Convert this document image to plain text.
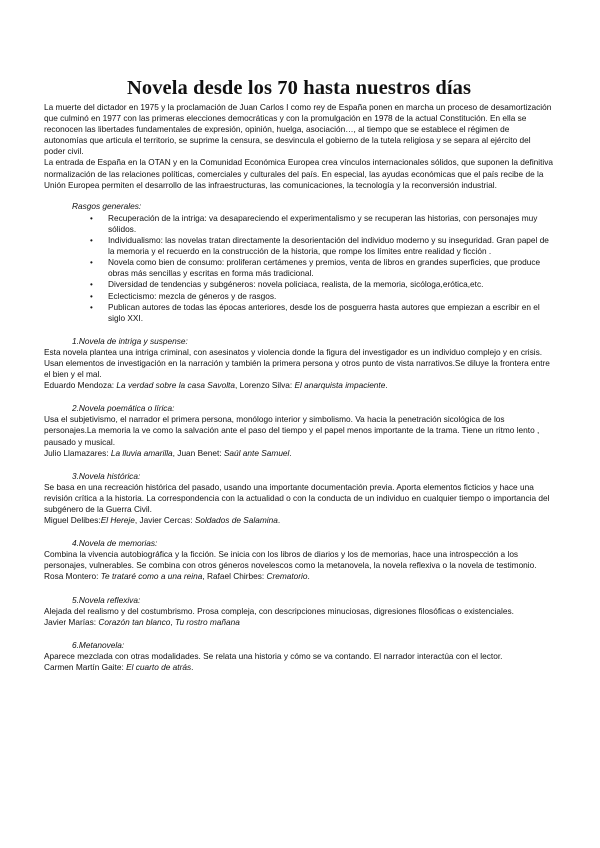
Novela desde los 70 hasta nuestros días

La muerte del dictador en 1975 y la proclamación de Juan Carlos I como rey de España ponen en marcha un proceso de desamortización que culminó en 1977 con las primeras elecciones democráticas y con la promulgación en 1978 de la actual Constitución. En ella se reconocen las libertades fundamentales de expresión, opinión, huelga, asociación…, al tiempo que se establece el régimen de autonomías que articula el territorio, se suprime la censura, se desvincula el gobierno de la tutela religiosa y se separa al ejército del poder civil.

La entrada de España en la OTAN y en la Comunidad Económica Europea crea vínculos internacionales sólidos, que suponen la definitiva normalización de las relaciones políticas, comerciales y culturales del país. En especial, las ayudas económicas que el país recibe de la Unión Europea permiten el desarrollo de las infraestructuras, las comunicaciones, la tecnología y la reconversión industrial.

Rasgos generales:

• Recuperación de la intriga: va desapareciendo el experimentalismo y se recuperan las historias, con personajes muy sólidos.
• Individualismo: las novelas tratan directamente la desorientación del individuo moderno y su inseguridad. Gran papel de la memoria y el recuerdo en la construcción de la historia, que rompe los límites entre realidad y ficción .
• Novela como bien de consumo: proliferan certámenes y premios, venta de libros en grandes superficies, que produce obras más sencillas y escritas en forma más tradicional.
• Diversidad de tendencias y subgéneros: novela policiaca, realista, de la memoria, sicóloga,erótica,etc.
• Eclecticismo: mezcla de géneros y de rasgos.
• Publican autores de todas las épocas anteriores, desde los de posguerra hasta autores que empiezan a escribir en el siglo XXI.

1.Novela de intriga y suspense:

Esta novela plantea una intriga criminal, con asesinatos y violencia donde la figura del investigador es un individuo complejo y en crisis. Usan elementos de investigación en la narración y también la primera persona y otros punto de vista narrativos.Se diluye la frontera entre el bien y el mal.

Eduardo Mendoza: La verdad sobre la casa Savolta, Lorenzo Silva: El anarquista impaciente.

2.Novela poemática o lírica:

Usa el subjetivismo, el narrador el primera persona, monólogo interior y simbolismo. Va hacia la penetración sicológica de los personajes.La memoria la ve como la salvación ante el paso del tiempo y el papel menos importante de la trama. Tiene un ritmo lento , pausado y musical.

Julio Llamazares: La lluvia amarilla, Juan Benet: Saúl ante Samuel.

3.Novela histórica:

Se basa en una recreación histórica del pasado, usando una importante documentación previa. Aporta elementos ficticios y hace una revisión crítica a la historia. La correspondencia con la actualidad o con la conducta de un individuo en cualquier tiempo o importancia del subgénero de la Guerra Civil.

Miguel Delibes:El Hereje, Javier Cercas: Soldados de Salamina.

4.Novela de memorias:

Combina la vivencia autobiográfica y la ficción. Se inicia con los libros de diarios y los de memorias, hace una introspección a los personajes, vulnerables. Se combina con otros géneros novelescos como la metanovela, la novela reflexiva o la novela de testimonio.

Rosa Montero: Te trataré como a una reina, Rafael Chirbes: Crematorio.

5.Novela reflexiva:

Alejada del realismo y del costumbrismo. Prosa compleja, con descripciones minuciosas, digresiones filosóficas o existenciales.

Javier Marías: Corazón tan blanco, Tu rostro mañana

6.Metanovela:

Aparece mezclada con otras modalidades. Se relata una historia y cómo se va contando. El narrador interactúa con el lector.

Carmen Martín Gaite: El cuarto de atrás.
